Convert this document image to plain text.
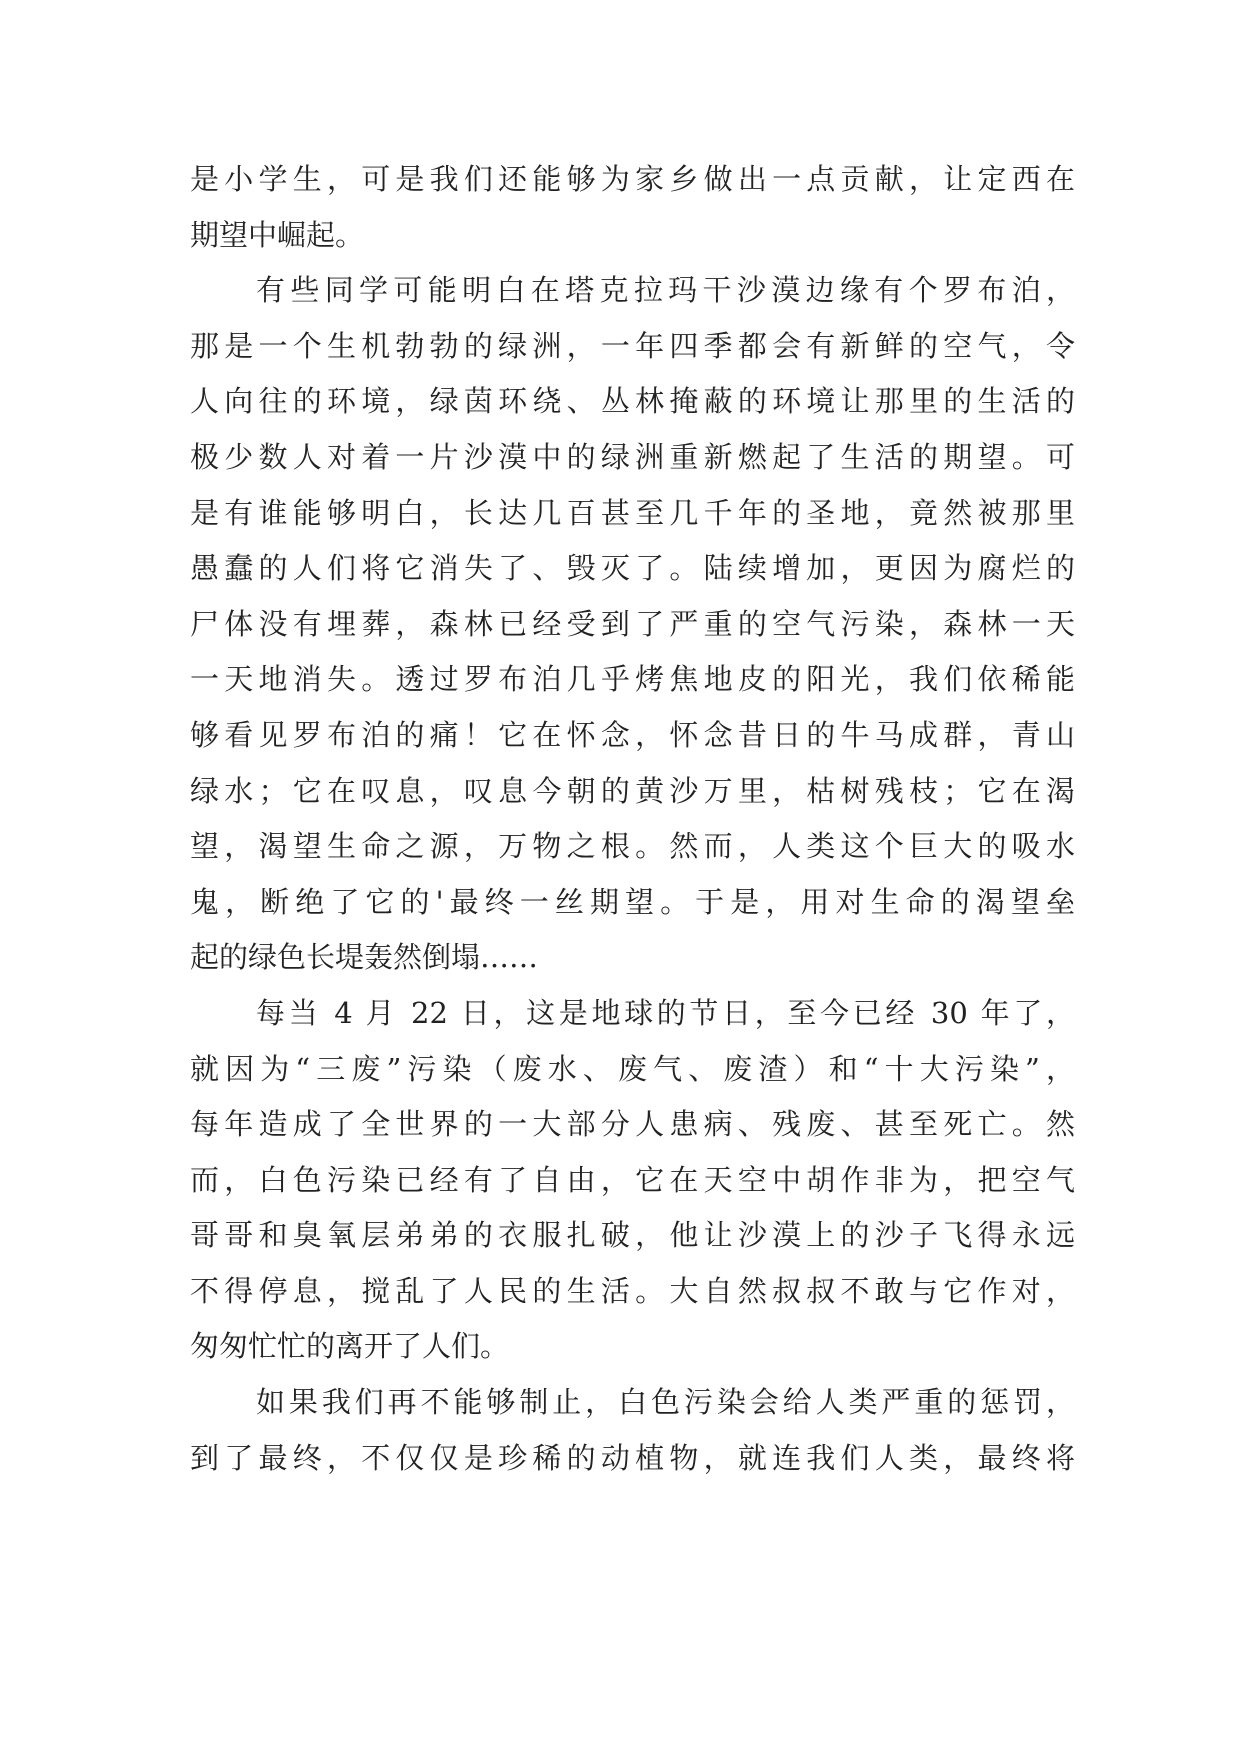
是小学生，可是我们还能够为家乡做出一点贡献，让定西在
期望中崛起。
有些同学可能明白在塔克拉玛干沙漠边缘有个罗布泊，
那是一个生机勃勃的绿洲，一年四季都会有新鲜的空气，令
人向往的环境，绿茵环绕、丛林掩蔽的环境让那里的生活的
极少数人对着一片沙漠中的绿洲重新燃起了生活的期望。可
是有谁能够明白，长达几百甚至几千年的圣地，竟然被那里
愚蠢的人们将它消失了、毁灭了。陆续增加，更因为腐烂的
尸体没有埋葬，森林已经受到了严重的空气污染，森林一天
一天地消失。透过罗布泊几乎烤焦地皮的阳光，我们依稀能
够看见罗布泊的痛！它在怀念，怀念昔日的牛马成群，青山
绿水；它在叹息，叹息今朝的黄沙万里，枯树残枝；它在渴
望，渴望生命之源，万物之根。然而，人类这个巨大的吸水
鬼，断绝了它的'最终一丝期望。于是，用对生命的渴望垒
起的绿色长堤轰然倒塌……
每当 4 月 22 日，这是地球的节日，至今已经 30 年了，
就因为“三废”污染（废水、废气、废渣）和“十大污染”，
每年造成了全世界的一大部分人患病、残废、甚至死亡。然
而，白色污染已经有了自由，它在天空中胡作非为，把空气
哥哥和臭氧层弟弟的衣服扎破，他让沙漠上的沙子飞得永远
不得停息，搅乱了人民的生活。大自然叔叔不敢与它作对，
匆匆忙忙的离开了人们。
如果我们再不能够制止，白色污染会给人类严重的惩罚，
到了最终，不仅仅是珍稀的动植物，就连我们人类，最终将
